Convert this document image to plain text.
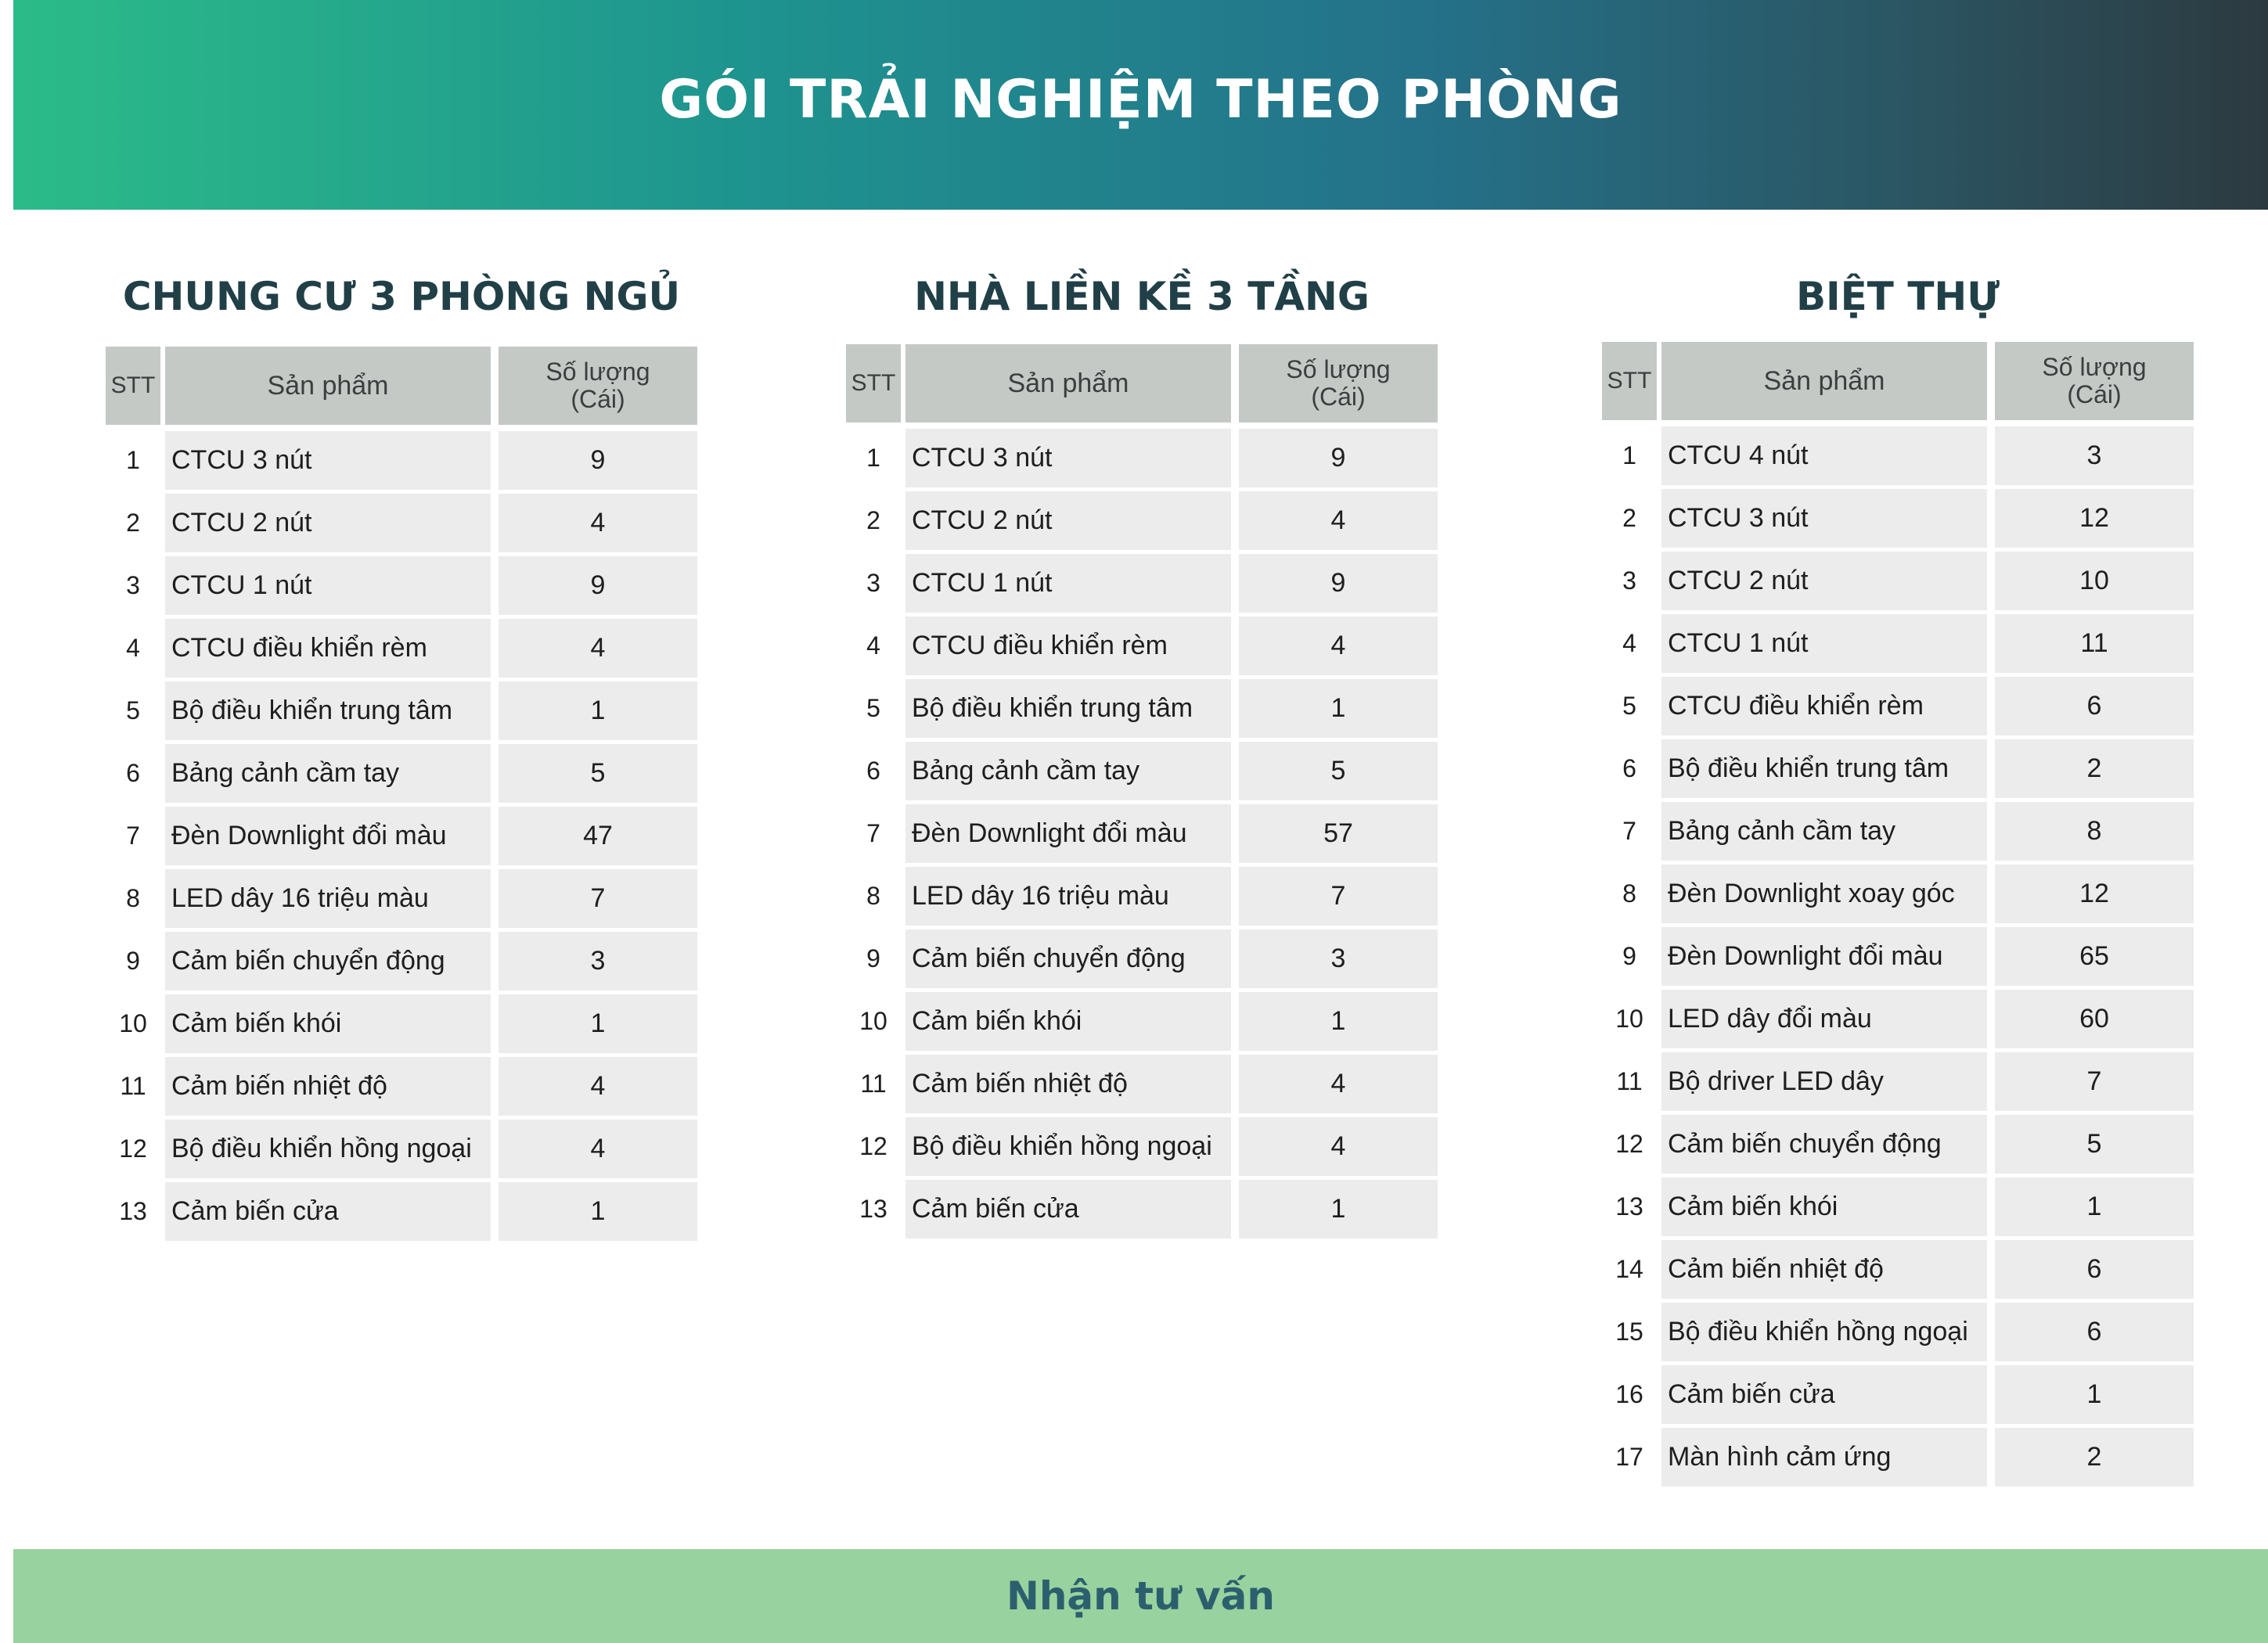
GÓI TRẢI NGHIỆM THEO PHÒNG
CHUNG CƯ 3 PHÒNG NGỦ
STT	Sản phẩm	Số lượng
(Cái)
1	CTCU 3 nút	9
2	CTCU 2 nút	4
3	CTCU 1 nút	9
4	CTCU điều khiển rèm	4
5	Bộ điều khiển trung tâm	1
6	Bảng cảnh cầm tay	5
7	Đèn Downlight đổi màu	47
8	LED dây 16 triệu màu	7
9	Cảm biến chuyển động	3
10 Cảm biến khói	1
11 Cảm biến nhiệt độ	4
12 Bộ điều khiển hồng ngoại	4
13 Cảm biến cửa	1
NHÀ LIỀN KỀ 3 TẦNG
STT	Sản phẩm	Số lượng
(Cái)
1	CTCU 3 nút	9
2	CTCU 2 nút	4
3	CTCU 1 nút	9
4	CTCU điều khiển rèm	4
5	Bộ điều khiển trung tâm	1
6	Bảng cảnh cầm tay	5
7	Đèn Downlight đổi màu	57
8	LED dây 16 triệu màu	7
9	Cảm biến chuyển động	3
10 Cảm biến khói	1
11 Cảm biến nhiệt độ	4
12 Bộ điều khiển hồng ngoại	4
13 Cảm biến cửa	1
BIỆT THỰ
STT	Sản phẩm	Số lượng
(Cái)
1	CTCU 4 nút	3
2	CTCU 3 nút	12
3	CTCU 2 nút	10
4	CTCU 1 nút	11
5	CTCU điều khiển rèm	6
6	Bộ điều khiển trung tâm	2
7	Bảng cảnh cầm tay	8
8	Đèn Downlight xoay góc	12
9	Đèn Downlight đổi màu	65
10 LED dây đổi màu	60
11 Bộ driver LED dây	7
12 Cảm biến chuyển động	5
13 Cảm biến khói	1
14 Cảm biến nhiệt độ	6
15 Bộ điều khiển hồng ngoại	6
16 Cảm biến cửa	1
17 Màn hình cảm ứng	2
Nhận tư vấn
